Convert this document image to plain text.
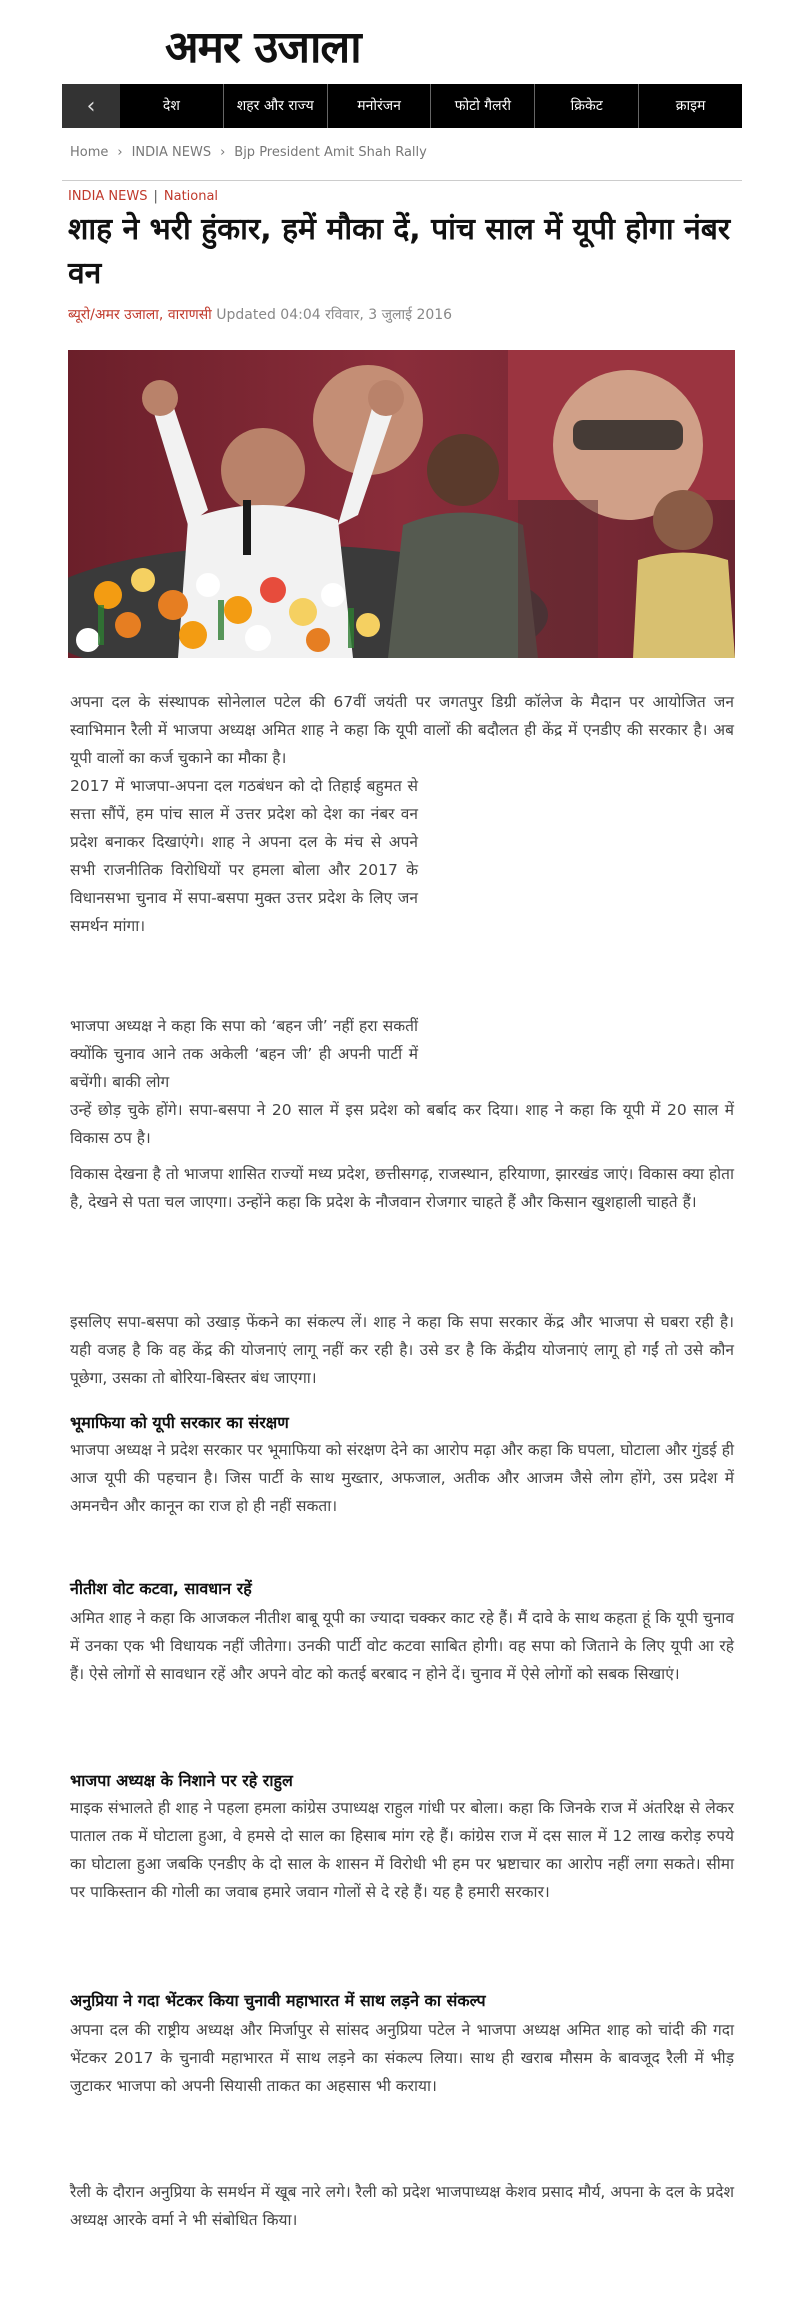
अमर उजाला
‹	देश	शहर और राज्य	मनोरंजन	फोटो गैलरी	क्रिकेट	क्राइम
Home › INDIA NEWS › Bjp President Amit Shah Rally
INDIA NEWS | National
शाह ने भरी हुंकार, हमें मौका दें, पांच साल में यूपी होगा नंबर वन
ब्यूरो/अमर उजाला, वाराणसी Updated 04:04 रविवार, 3 जुलाई 2016

अपना दल के संस्थापक सोनेलाल पटेल की 67वीं जयंती पर जगतपुर डिग्री कॉलेज के मैदान पर आयोजित जन स्वाभिमान रैली में भाजपा अध्यक्ष अमित शाह ने कहा कि यूपी वालों की बदौलत ही केंद्र में एनडीए की सरकार है। अब यूपी वालों का कर्ज चुकाने का मौका है।

2017 में भाजपा-अपना दल गठबंधन को दो तिहाई बहुमत से सत्ता सौंपें, हम पांच साल में उत्तर प्रदेश को देश का नंबर वन प्रदेश बनाकर दिखाएंगे। शाह ने अपना दल के मंच से अपने सभी राजनीतिक विरोधियों पर हमला बोला और 2017 के विधानसभा चुनाव में सपा-बसपा मुक्त उत्तर प्रदेश के लिए जन समर्थन मांगा।

भाजपा अध्यक्ष ने कहा कि सपा को ‘बहन जी’ नहीं हरा सकतीं क्योंकि चुनाव आने तक अकेली ‘बहन जी’ ही अपनी पार्टी में बचेंगी। बाकी लोग

उन्हें छोड़ चुके होंगे। सपा-बसपा ने 20 साल में इस प्रदेश को बर्बाद कर दिया। शाह ने कहा कि यूपी में 20 साल में विकास ठप है।

विकास देखना है तो भाजपा शासित राज्यों मध्य प्रदेश, छत्तीसगढ़, राजस्थान, हरियाणा, झारखंड जाएं। विकास क्या होता है, देखने से पता चल जाएगा। उन्होंने कहा कि प्रदेश के नौजवान रोजगार चाहते हैं और किसान खुशहाली चाहते हैं।

इसलिए सपा-बसपा को उखाड़ फेंकने का संकल्प लें। शाह ने कहा कि सपा सरकार केंद्र और भाजपा से घबरा रही है। यही वजह है कि वह केंद्र की योजनाएं लागू नहीं कर रही है। उसे डर है कि केंद्रीय योजनाएं लागू हो गईं तो उसे कौन पूछेगा, उसका तो बोरिया-बिस्तर बंध जाएगा।

भूमाफिया को यूपी सरकार का संरक्षण

भाजपा अध्यक्ष ने प्रदेश सरकार पर भूमाफिया को संरक्षण देने का आरोप मढ़ा और कहा कि घपला, घोटाला और गुंडई ही आज यूपी की पहचान है। जिस पार्टी के साथ मुख्तार, अफजाल, अतीक और आजम जैसे लोग होंगे, उस प्रदेश में अमनचैन और कानून का राज हो ही नहीं सकता।

नीतीश वोट कटवा, सावधान रहें

अमित शाह ने कहा कि आजकल नीतीश बाबू यूपी का ज्यादा चक्कर काट रहे हैं। मैं दावे के साथ कहता हूं कि यूपी चुनाव में उनका एक भी विधायक नहीं जीतेगा। उनकी पार्टी वोट कटवा साबित होगी। वह सपा को जिताने के लिए यूपी आ रहे हैं। ऐसे लोगों से सावधान रहें और अपने वोट को कतई बरबाद न होने दें। चुनाव में ऐसे लोगों को सबक सिखाएं।

भाजपा अध्यक्ष के निशाने पर रहे राहुल

माइक संभालते ही शाह ने पहला हमला कांग्रेस उपाध्यक्ष राहुल गांधी पर बोला। कहा कि जिनके राज में अंतरिक्ष से लेकर पाताल तक में घोटाला हुआ, वे हमसे दो साल का हिसाब मांग रहे हैं। कांग्रेस राज में दस साल में 12 लाख करोड़ रुपये का घोटाला हुआ जबकि एनडीए के दो साल के शासन में विरोधी भी हम पर भ्रष्टाचार का आरोप नहीं लगा सकते। सीमा पर पाकिस्तान की गोली का जवाब हमारे जवान गोलों से दे रहे हैं। यह है हमारी सरकार।

अनुप्रिया ने गदा भेंटकर किया चुनावी महाभारत में साथ लड़ने का संकल्प

अपना दल की राष्ट्रीय अध्यक्ष और मिर्जापुर से सांसद अनुप्रिया पटेल ने भाजपा अध्यक्ष अमित शाह को चांदी की गदा भेंटकर 2017 के चुनावी महाभारत में साथ लड़ने का संकल्प लिया। साथ ही खराब मौसम के बावजूद रैली में भीड़ जुटाकर भाजपा को अपनी सियासी ताकत का अहसास भी कराया।

रैली के दौरान अनुप्रिया के समर्थन में खूब नारे लगे। रैली को प्रदेश भाजपाध्यक्ष केशव प्रसाद मौर्य, अपना के दल के प्रदेश अध्यक्ष आरके वर्मा ने भी संबोधित किया।
